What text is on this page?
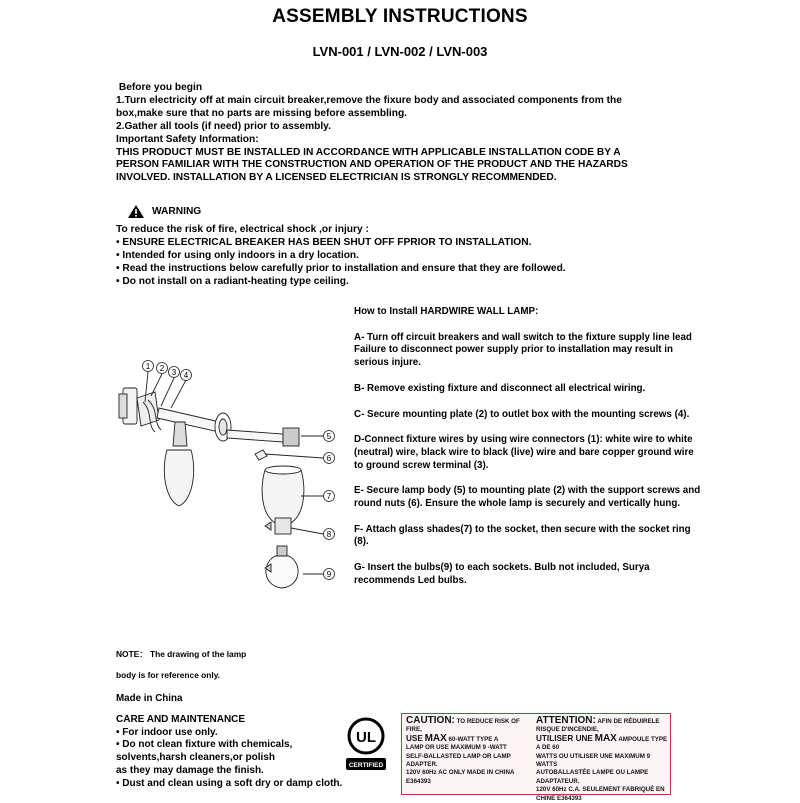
ASSEMBLY INSTRUCTIONS
LVN-001 / LVN-002 / LVN-003
Before you begin
1.Turn electricity off at main circuit breaker,remove the fixure body and associated components from the
box,make sure that no parts are missing before assembling.
2.Gather all tools (if need) prior to assembly.
Important Safety Information:
THIS PRODUCT MUST BE INSTALLED IN ACCORDANCE WITH APPLICABLE INSTALLATION CODE BY A
PERSON FAMILIAR WITH THE CONSTRUCTION AND OPERATION OF THE PRODUCT AND THE HAZARDS
INVOLVED. INSTALLATION BY A LICENSED ELECTRICIAN IS STRONGLY RECOMMENDED.
WARNING
To reduce the risk of fire, electrical shock ,or injury :
• ENSURE ELECTRICAL BREAKER HAS BEEN SHUT OFF FPRIOR TO INSTALLATION.
• Intended for using only indoors in a dry location.
• Read the instructions below carefully prior to installation and ensure that they are followed.
• Do not install on a radiant-heating type ceiling.
How to Install HARDWIRE WALL LAMP:
A- Turn off circuit breakers and wall switch to the fixture supply line lead Failure to disconnect power supply prior to installation may result in serious injure.
B- Remove existing fixture and disconnect all electrical wiring.
C- Secure mounting plate (2) to outlet box with the mounting screws (4).
D-Connect fixture wires by using wire connectors (1): white wire to white (neutral) wire, black wire to black (live) wire and bare copper ground wire to ground screw terminal (3).
E- Secure lamp body (5) to mounting plate (2) with the support screws and round nuts (6). Ensure the whole lamp is securely and vertically hung.
F- Attach glass shades(7) to the socket, then secure with the socket ring (8).
G- Insert the bulbs(9) to each sockets. Bulb not included, Surya recommends Led bulbs.
1 2 3 4
5
6
7
8
9
NOTE： The drawing of the lamp
body is for reference only.
Made in China
CARE AND MAINTENANCE
• For indoor use only.
• Do not clean fixture with chemicals,
solvents,harsh cleaners,or polish
as they may damage the finish.
• Dust and clean using a soft dry or damp cloth.
UL
CERTIFIED
CAUTION: TO REDUCE RISK OF FIRE,
USE MAX 60-WATT TYPE A
LAMP OR USE MAXIMUM 9 -WATT
SELF-BALLASTED LAMP OR LAMP ADAPTER.
120V 60Hz AC ONLY MADE IN CHINA E364393
ATTENTION: AFIN DE RÉDUIRELE RISQUE D'INCENDIE,
UTILISER UNE MAX AMPOULE TYPE A DE 60
WATTS OU UTILISER UNE MAXIMUM 9 WATTS
AUTOBALLASTÉE LAMPE OU LAMPE ADAPTATEUR.
120V 60Hz C.A. SEULEMENT FABRIQUÉ EN CHINE E364393
